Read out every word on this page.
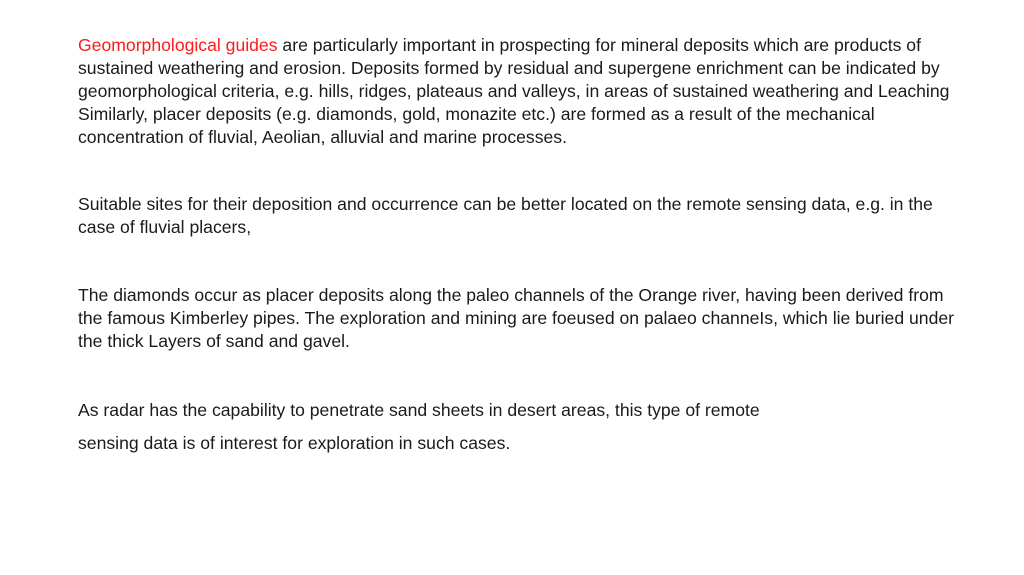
Geomorphological guides are particularly important in prospecting for mineral deposits which are products of sustained weathering and erosion. Deposits formed by residual and supergene enrichment can be indicated by geomorphological criteria, e.g. hills, ridges, plateaus and valleys, in areas of sustained weathering and Leaching Similarly, placer deposits (e.g. diamonds, gold, monazite etc.) are formed as a result of the mechanical concentration of fluvial, Aeolian, alluvial and marine processes.

Suitable sites for their deposition and occurrence can be better located on the remote sensing data, e.g. in the case of fluvial placers,

The diamonds occur as placer deposits along the paleo channels of the Orange river, having been derived from the famous Kimberley pipes. The exploration and mining are foeused on palaeo channeIs, which lie buried under the thick Layers of sand and gavel.

As radar has the capability to penetrate sand sheets in desert areas, this type of remote

sensing data is of interest for exploration in such cases.
